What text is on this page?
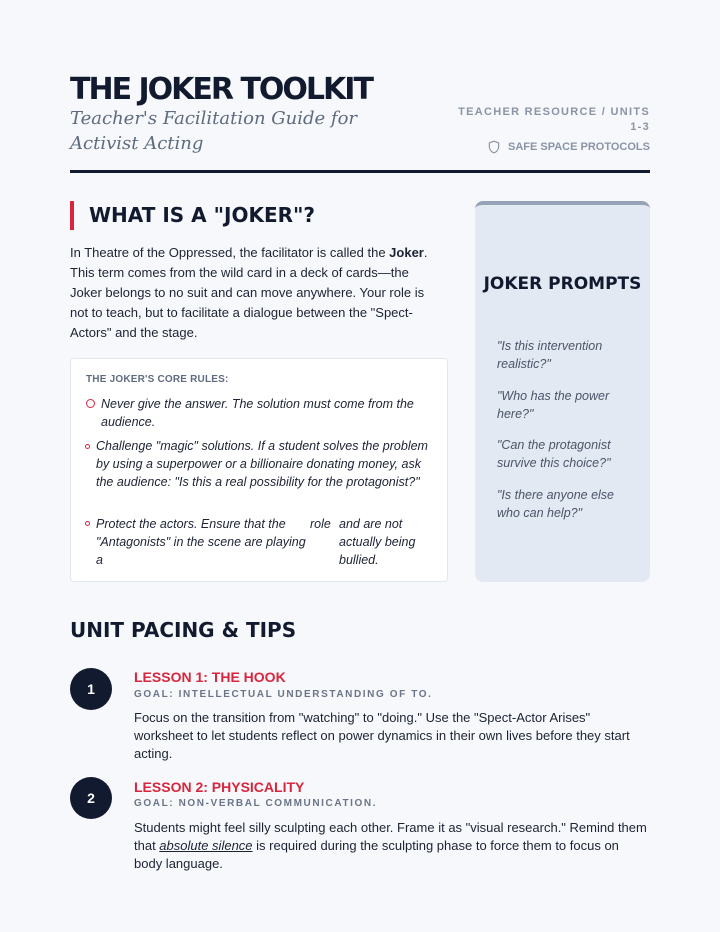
THE JOKER TOOLKIT
Teacher's Facilitation Guide for Activist Acting
TEACHER RESOURCE / UNITS 1-3
SAFE SPACE PROTOCOLS
WHAT IS A "JOKER"?

In Theatre of the Oppressed, the facilitator is called the Joker. This term comes from the wild card in a deck of cards—the Joker belongs to no suit and can move anywhere. Your role is not to teach, but to facilitate a dialogue between the "Spect-Actors" and the stage.

THE JOKER'S CORE RULES:
Never give the answer. The solution must come from the audience.
Challenge "magic" solutions. If a student solves the problem by using a superpower or a billionaire donating money, ask the audience: "Is this a real possibility for the protagonist?"
Protect the actors. Ensure that the "Antagonists" in the scene are playing a
role and are not actually being bullied.
JOKER PROMPTS
"Is this intervention realistic?"
"Who has the power here?"
"Can the protagonist survive this choice?"
"Is there anyone else who can help?"
UNIT PACING & TIPS
1
LESSON 1: THE HOOK
GOAL: INTELLECTUAL UNDERSTANDING OF TO.
Focus on the transition from "watching" to "doing." Use the "Spect-Actor Arises" worksheet to let students reflect on power dynamics in their own lives before they start acting.
2
LESSON 2: PHYSICALITY
GOAL: NON-VERBAL COMMUNICATION.
Students might feel silly sculpting each other. Frame it as "visual research." Remind them that absolute silence is required during the sculpting phase to force them to focus on body language.
